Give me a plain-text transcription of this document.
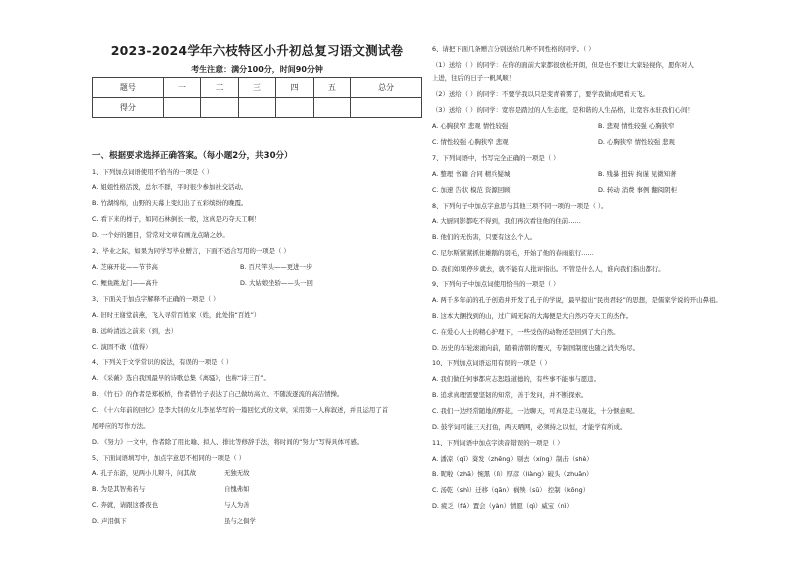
2023-2024学年六枝特区小升初总复习语文测试卷
考生注意：满分100分，时间90分钟
题号	一	二	三	四	五	总分
得分						
一、根据要求选择正确答案。（每小题2分，共30分）
1、下列加点词语使用不恰当的一项是（ ）
A. 姐姐性格活泼，总尔不群，平时很少参加社交活动。
B. 竹湖绵绵，山野的天幕上变幻出了五彩缤纷的晚霞。
C. 看下来的样子，如同石林倒长一般，这真是巧夺天工啊！
D. 一个好的题目，常常对文章有画龙点睛之妙。
2、毕业之际，如果为同学写毕业赠言，下面不适合写用的一项是（ ）
A. 芝麻开花——节节高	B. 百尺竿头——更进一步
C. 鲤鱼跳龙门——高升	D. 大姑娘坐轿——头一回
3、下面关于加点字解释不正确的一项是（ ）
A. 旧时王谢堂前燕，飞入寻常百姓家（姓，此处指“百姓”）
B. 远岭清远之前来（到，去）
C. 演固不敢（值得）
4、下列关于文学常识的说法，有误的一项是（ ）
A. 《采薇》选自我国最早的诗歌总集《离骚》，也称“诗三百”。
B. 《竹石》的作者是郑板桥，作者借竹子表达了自己做坊高立、不随波逐流的高洁情操。
C. 《十六年前的回忆》是李大钊的女儿李星华写的一篇回忆式的文章，采用第一人称叙述，并且运用了首
尾呼应的写作方法。
D. 《努力》一文中，作者除了用比喻、拟人、排比等修辞手法，将时间的“努力”写得具体可感。
5、下面词语填写中，加点字意思不相同的一项是（ ）
A. 孔子东游，见两小儿辩斗，问其故	无独无故
B. 为是其智弗若与	自愧弗如
C. 奔就，请跟这番夜也	与人为善
D. 声泪俱下	虽与之俱学
6、请把下面几条赠言分别送给几种不同性格的同学。（ ）
（1）送给（ ）的同学：在你的面前大家都很放松开朗，但是也不要让大家轻视你，愿你对人
上进，往后的日子一帆风顺！
（2）送给（ ）的同学：不要学我以只是变青着雾了，要学我做成吧看天飞。
（3）送给（ ）的同学：宽容是踏过的人生态度，是和谐的人生品格，让宽容永驻我们心间！
A. 心胸狭窄 悲观 情性较强	B. 悲观 情性较强 心胸狭窄
C. 情性较强 心胸狭窄 悲观	D. 心胸狭窄 情性较强 悲观
7、下列词语中，书写完全正确的一项是（ ）
A. 整理 书籍 合同 精兵疑城	B. 残暴 扭转 拘谨 见微知著
C. 加速 告状 模范 资源回顾	D. 转动 消费 事例 翻阅阴柜
8、下列句子中加点字意思与其他三项不同一项的一项是（ ）。
A. 大厨同影都吃不得到，我们再次看往他的住前……
B. 他们的无伤害，只要有这么个人。
C. 尼尔斯紧紧抓住雄鹅的羽毛，开始了他的春雨旅行……
D. 我们如果停步就去，就不能有人批评指出。不管是什么人，谁向我们指出都行。
9、下列句子中加点词使用恰当的一项是（ ）
A. 两千多年前的孔子创造并开发了孔子的学说，最早提出“民贵君轻”的思想，是儒家学说的开山鼻祖。
B. 这本大捆找到的山，过广阔无际的大海便是大自然巧夺天工的杰作。
C. 在爱心人士的精心护理下，一些受伤的动物还是回到了大自然。
D. 历史的车轮滚滚向前，随着清朝的覆灭，专制国制度也随之消失殆尽。
10、下列加点词语运用有误的一项是（ ）
A. 我们做任何事都应志恕趋道德的，有些事不能事与愿违。
B. 追求真理需要坚韧的知常，善于发问，并不断探索。
C. 我们一边经常随地的野花，一边聊天，可真是走马观花，十分惬意呢。
D. 鼓学词可能三天打鱼，两天晒网，必须持之以恒，才能学有所成。
11、下列词语中加点字读音错误的一项是（ ）
A. 潘凉（qī）葵发（zhēng）剔去（xíng）制击（shè）
B. 昵啦（zhā）惋黑（lì）厚彦（liàng）破头（zhuān）
C. 汤乾（shì）迁移（qān）祸殃（sū） 控制（kōng）
D. 疲乏（fá）置会（yàn）情愿（qì）威宝（nì）
